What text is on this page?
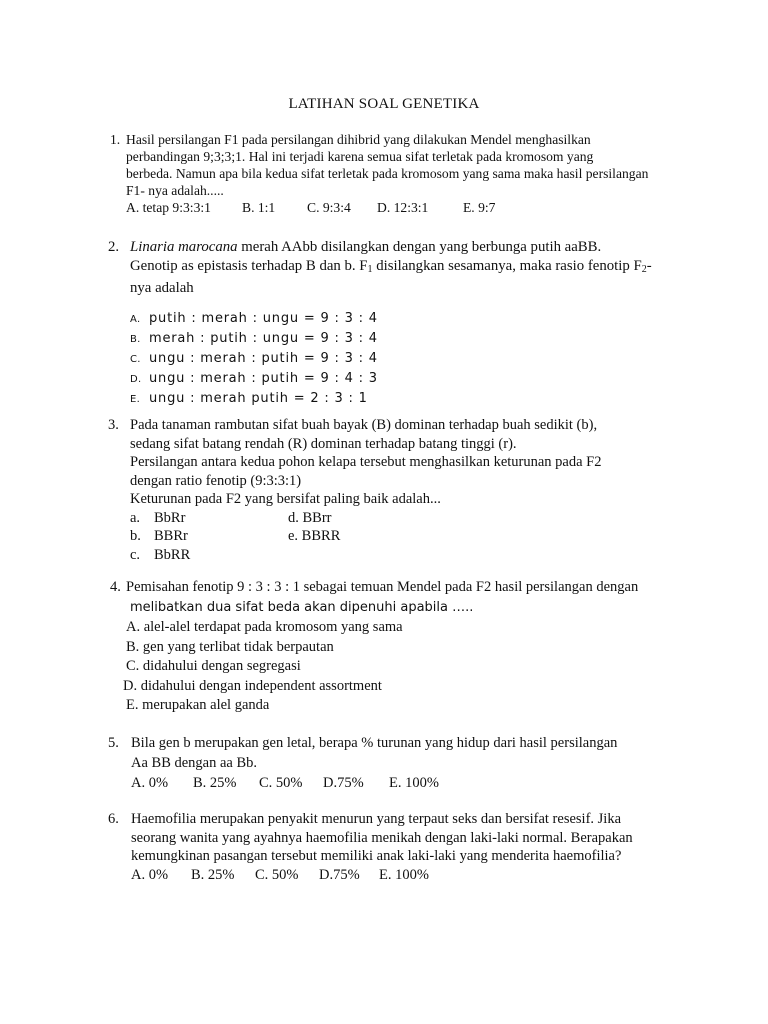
LATIHAN SOAL GENETIKA
1. Hasil persilangan F1 pada persilangan dihibrid yang dilakukan Mendel menghasilkan
perbandingan 9;3;3;1. Hal ini terjadi karena semua sifat terletak pada kromosom yang
berbeda. Namun apa bila kedua sifat terletak pada kromosom yang sama maka hasil persilangan
F1- nya adalah.....
A. tetap 9:3:3:1	B. 1:1	C. 9:3:4	D. 12:3:1	E. 9:7
2. Linaria marocana merah AAbb disilangkan dengan yang berbunga putih aaBB.
Genotip as epistasis terhadap B dan b. $F_1$ disilangkan sesamanya, maka rasio fenotip $F_2-$
nya adalah
A. putih : merah : ungu = 9 : 3 : 4
B. merah : putih : ungu = 9 : 3 : 4
C. ungu : merah : putih = 9 : 3 : 4
D. ungu : merah : putih = 9 : 4 : 3
E. ungu : merah putih = 2 : 3 : 1
3. Pada tanaman rambutan sifat buah bayak (B) dominan terhadap buah sedikit (b),
sedang sifat batang rendah (R) dominan terhadap batang tinggi (r).
Persilangan antara kedua pohon kelapa tersebut menghasilkan keturunan pada F2
dengan ratio fenotip (9:3:3:1)
Keturunan pada F2 yang bersifat paling baik adalah...
a. BbRr	d. BBrr
b. BBRr	e. BBRR
c. BbRR
4. Pemisahan fenotip 9 : 3 : 3 : 1 sebagai temuan Mendel pada F2 hasil persilangan dengan
melibatkan dua sifat beda akan dipenuhi apabila …..
A. alel-alel terdapat pada kromosom yang sama
B. gen yang terlibat tidak berpautan
C. didahului dengan segregasi
D. didahului dengan independent assortment
E. merupakan alel ganda
5. Bila gen b merupakan gen letal, berapa % turunan yang hidup dari hasil persilangan
Aa BB dengan aa Bb.
A. 0%	B. 25%	C. 50%	D.75%	E. 100%
6. Haemofilia merupakan penyakit menurun yang terpaut seks dan bersifat resesif. Jika
seorang wanita yang ayahnya haemofilia menikah dengan laki-laki normal. Berapakan
kemungkinan pasangan tersebut memiliki anak laki-laki yang menderita haemofilia?
A. 0%	B. 25%	C. 50%	D.75%	E. 100%
